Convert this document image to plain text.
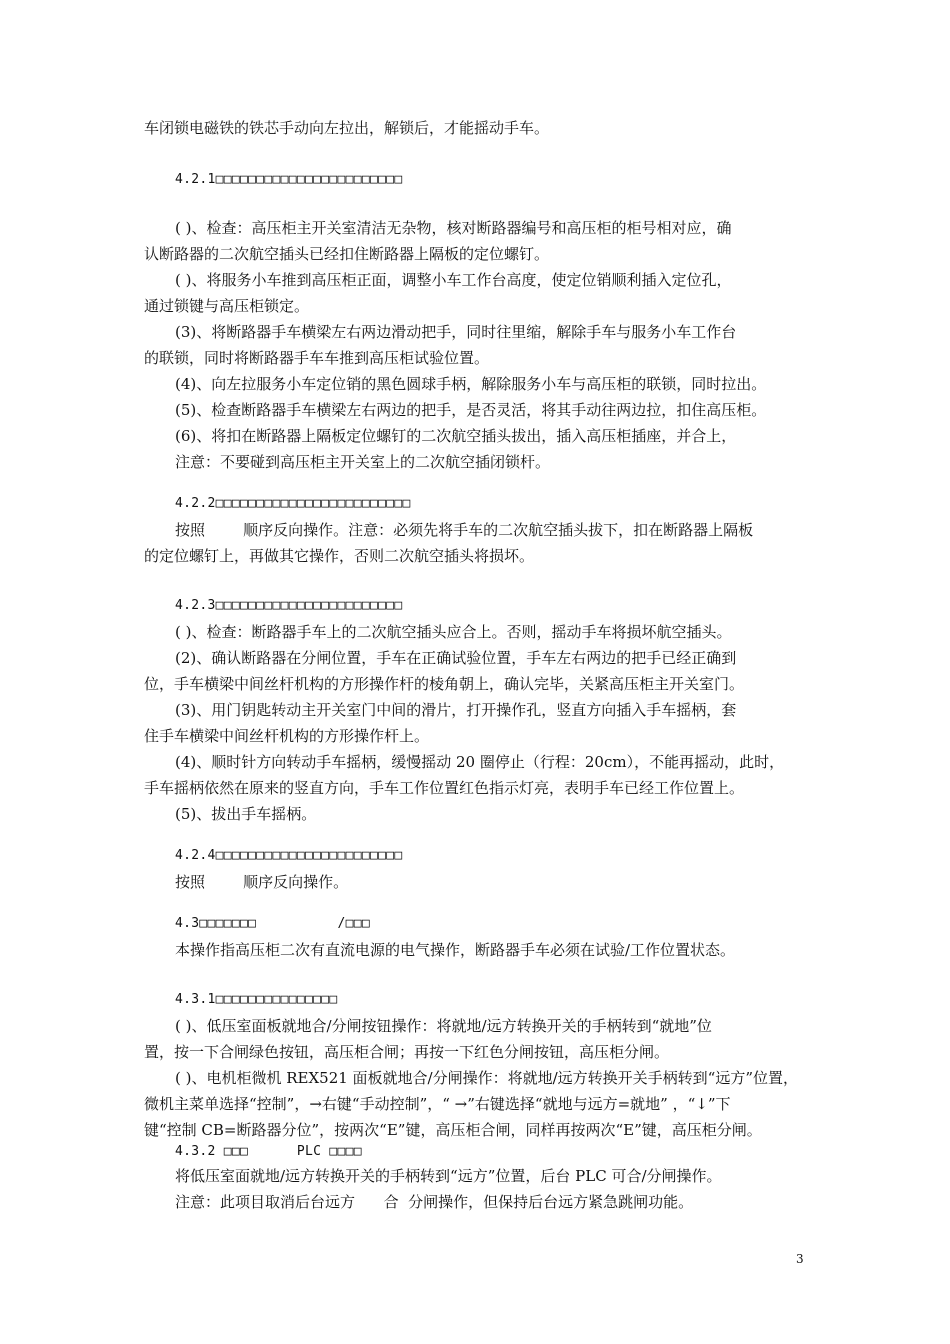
车闭锁电磁铁的铁芯手动向左拉出，解锁后，才能摇动手车。
4.2.1□□□□□□□□□□□□□□□□□□□□□□□
( )、检查：高压柜主开关室清洁无杂物，核对断路器编号和高压柜的柜号相对应，确
认断路器的二次航空插头已经扣住断路器上隔板的定位螺钉。
( )、将服务小车推到高压柜正面，调整小车工作台高度，使定位销顺利插入定位孔，
通过锁键与高压柜锁定。
(3)、将断路器手车横梁左右两边滑动把手，同时往里缩，解除手车与服务小车工作台
的联锁，同时将断路器手车车推到高压柜试验位置。
(4)、向左拉服务小车定位销的黑色圆球手柄，解除服务小车与高压柜的联锁，同时拉出。
(5)、检查断路器手车横梁左右两边的把手，是否灵活，将其手动往两边拉，扣住高压柜。
(6)、将扣在断路器上隔板定位螺钉的二次航空插头拔出，插入高压柜插座，并合上，
注意：不要碰到高压柜主开关室上的二次航空插闭锁杆。
4.2.2□□□□□□□□□□□□□□□□□□□□□□□□
按照        顺序反向操作。注意：必须先将手车的二次航空插头拔下，扣在断路器上隔板
的定位螺钉上，再做其它操作，否则二次航空插头将损坏。
4.2.3□□□□□□□□□□□□□□□□□□□□□□□
( )、检查：断路器手车上的二次航空插头应合上。否则，摇动手车将损坏航空插头。
(2)、确认断路器在分闸位置，手车在正确试验位置，手车左右两边的把手已经正确到
位，手车横梁中间丝杆机构的方形操作杆的棱角朝上，确认完毕，关紧高压柜主开关室门。
(3)、用门钥匙转动主开关室门中间的滑片，打开操作孔，竖直方向插入手车摇柄，套
住手车横梁中间丝杆机构的方形操作杆上。
(4)、顺时针方向转动手车摇柄，缓慢摇动 20 圈停止（行程：20cm），不能再摇动，此时，
手车摇柄依然在原来的竖直方向，手车工作位置红色指示灯亮，表明手车已经工作位置上。
(5)、拔出手车摇柄。
4.2.4□□□□□□□□□□□□□□□□□□□□□□□
按照        顺序反向操作。
4.3□□□□□□□          /□□□
本操作指高压柜二次有直流电源的电气操作，断路器手车必须在试验/工作位置状态。
4.3.1□□□□□□□□□□□□□□□
( )、低压室面板就地合/分闸按钮操作：将就地/远方转换开关的手柄转到“就地”位
置，按一下合闸绿色按钮，高压柜合闸；再按一下红色分闸按钮，高压柜分闸。
( )、电机柜微机 REX521 面板就地合/分闸操作：将就地/远方转换开关手柄转到“远方”位置，
微机主菜单选择“控制”，→右键“手动控制”，“ →”右键选择“就地与远方=就地” ，“↓”下
键“控制 CB=断路器分位”，按两次“E”键，高压柜合闸，同样再按两次“E”键，高压柜分闸。
4.3.2 □□□      PLC □□□□
将低压室面就地/远方转换开关的手柄转到“远方”位置，后台 PLC 可合/分闸操作。
注意：此项目取消后台远方      合  分闸操作，但保持后台远方紧急跳闸功能。
3
